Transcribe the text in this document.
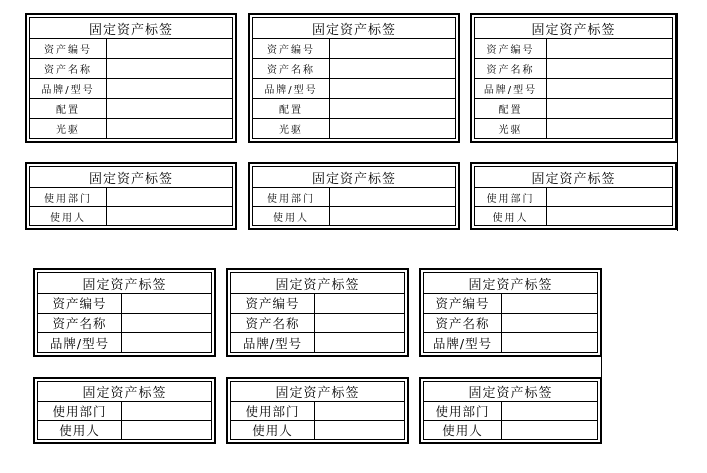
固定资产标签
资产编号
资产名称
品牌/型号
配置
光驱
固定资产标签
资产编号
资产名称
品牌/型号
配置
光驱
固定资产标签
资产编号
资产名称
品牌/型号
配置
光驱
固定资产标签
使用部门
使用人
固定资产标签
使用部门
使用人
固定资产标签
使用部门
使用人
固定资产标签
资产编号
资产名称
品牌/型号
固定资产标签
资产编号
资产名称
品牌/型号
固定资产标签
资产编号
资产名称
品牌/型号
固定资产标签
使用部门
使用人
固定资产标签
使用部门
使用人
固定资产标签
使用部门
使用人
